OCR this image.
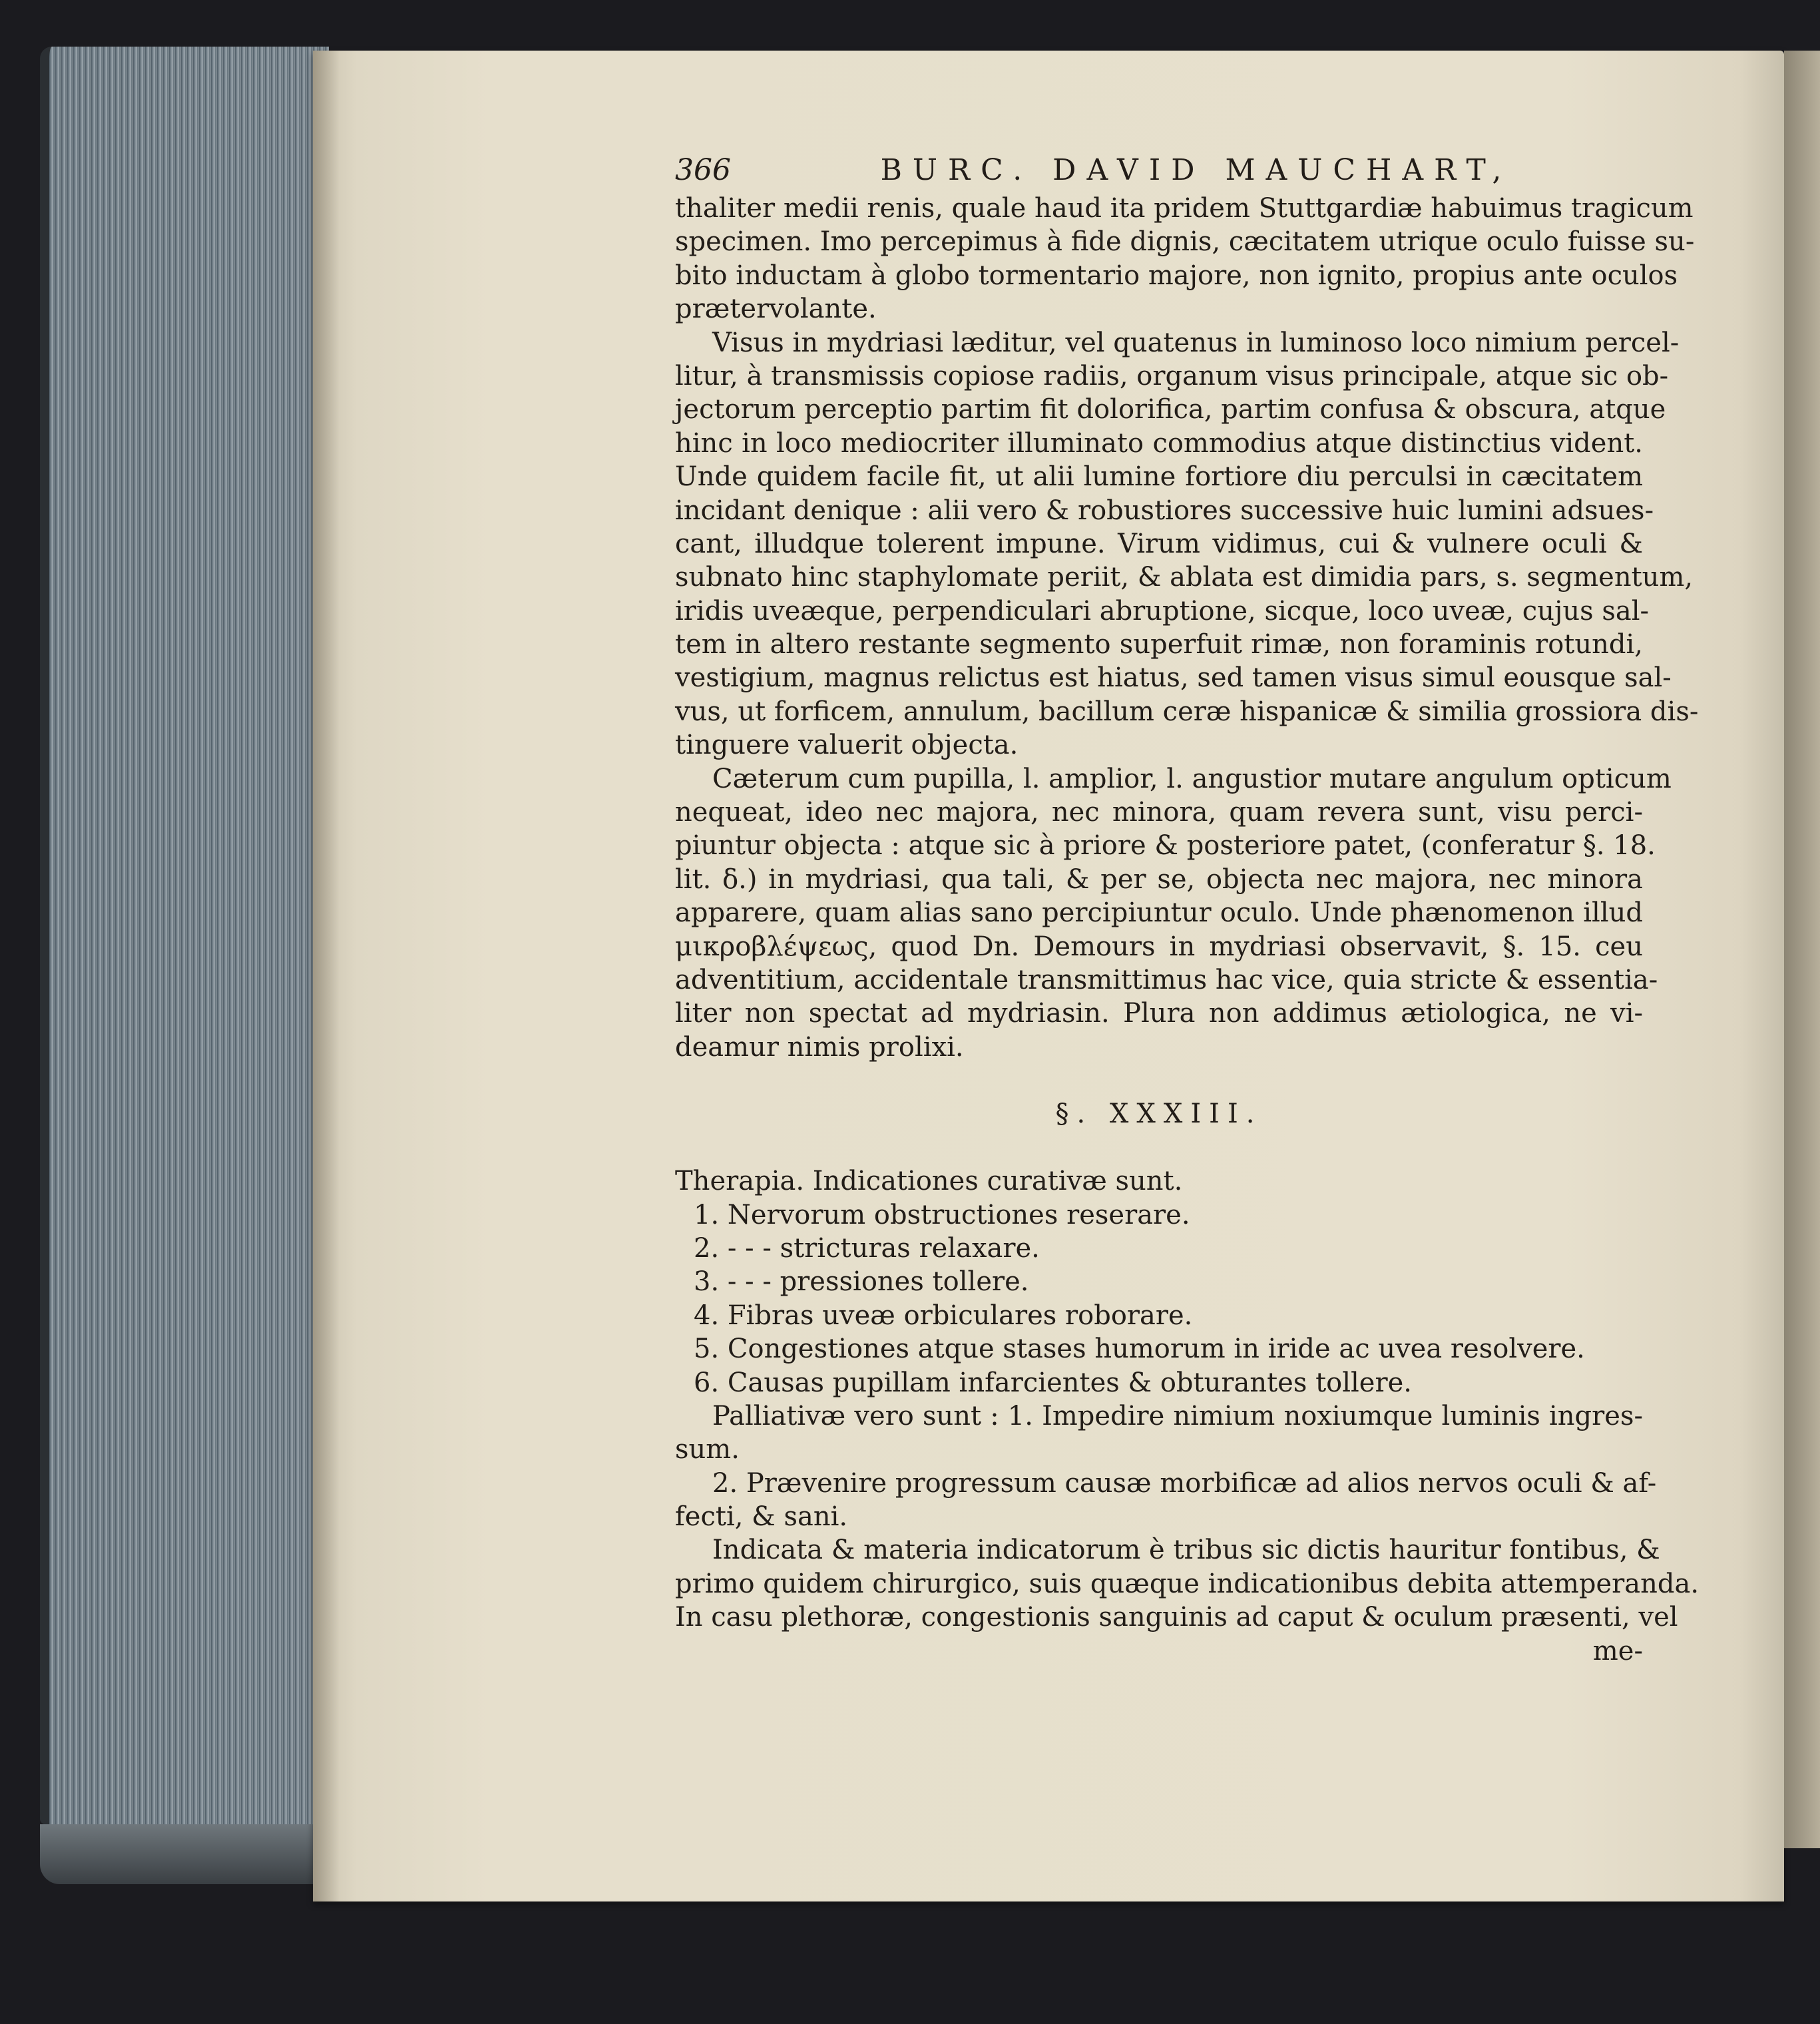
366	BURC. DAVID MAUCHART,
thaliter medii renis, quale haud ita pridem Stuttgardiæ habuimus tragicum
specimen. Imo percepimus à fide dignis, cæcitatem utrique oculo fuisse su-
bito inductam à globo tormentario majore, non ignito, propius ante oculos
prætervolante.
Visus in mydriasi læditur, vel quatenus in luminoso loco nimium percel-
litur, à transmissis copiose radiis, organum visus principale, atque sic ob-
jectorum perceptio partim fit dolorifica, partim confusa & obscura, atque
hinc in loco mediocriter illuminato commodius atque distinctius vident.
Unde quidem facile fit, ut alii lumine fortiore diu perculsi in cæcitatem
incidant denique : alii vero & robustiores successive huic lumini adsues-
cant, illudque tolerent impune. Virum vidimus, cui & vulnere oculi &
subnato hinc staphylomate periit, & ablata est dimidia pars, s. segmentum,
iridis uveæque, perpendiculari abruptione, sicque, loco uveæ, cujus sal-
tem in altero restante segmento superfuit rimæ, non foraminis rotundi,
vestigium, magnus relictus est hiatus, sed tamen visus simul eousque sal-
vus, ut forficem, annulum, bacillum ceræ hispanicæ & similia grossiora dis-
tinguere valuerit objecta.
Cæterum cum pupilla, l. amplior, l. angustior mutare angulum opticum
nequeat, ideo nec majora, nec minora, quam revera sunt, visu perci-
piuntur objecta : atque sic à priore & posteriore patet, (conferatur §. 18.
lit. δ.) in mydriasi, qua tali, & per se, objecta nec majora, nec minora
apparere, quam alias sano percipiuntur oculo. Unde phænomenon illud
μικροβλέψεως, quod Dn. Demours in mydriasi observavit, §. 15. ceu
adventitium, accidentale transmittimus hac vice, quia stricte & essentia-
liter non spectat ad mydriasin. Plura non addimus ætiologica, ne vi-
deamur nimis prolixi.
§. XXXIII.
Therapia. Indicationes curativæ sunt.
1. Nervorum obstructiones reserare.
2. - - - stricturas relaxare.
3. - - - pressiones tollere.
4. Fibras uveæ orbiculares roborare.
5. Congestiones atque stases humorum in iride ac uvea resolvere.
6. Causas pupillam infarcientes & obturantes tollere.
Palliativæ vero sunt : 1. Impedire nimium noxiumque luminis ingres-
sum.
2. Prævenire progressum causæ morbificæ ad alios nervos oculi & af-
fecti, & sani.
Indicata & materia indicatorum è tribus sic dictis hauritur fontibus, &
primo quidem chirurgico, suis quæque indicationibus debita attemperanda.
In casu plethoræ, congestionis sanguinis ad caput & oculum præsenti, vel
me-
